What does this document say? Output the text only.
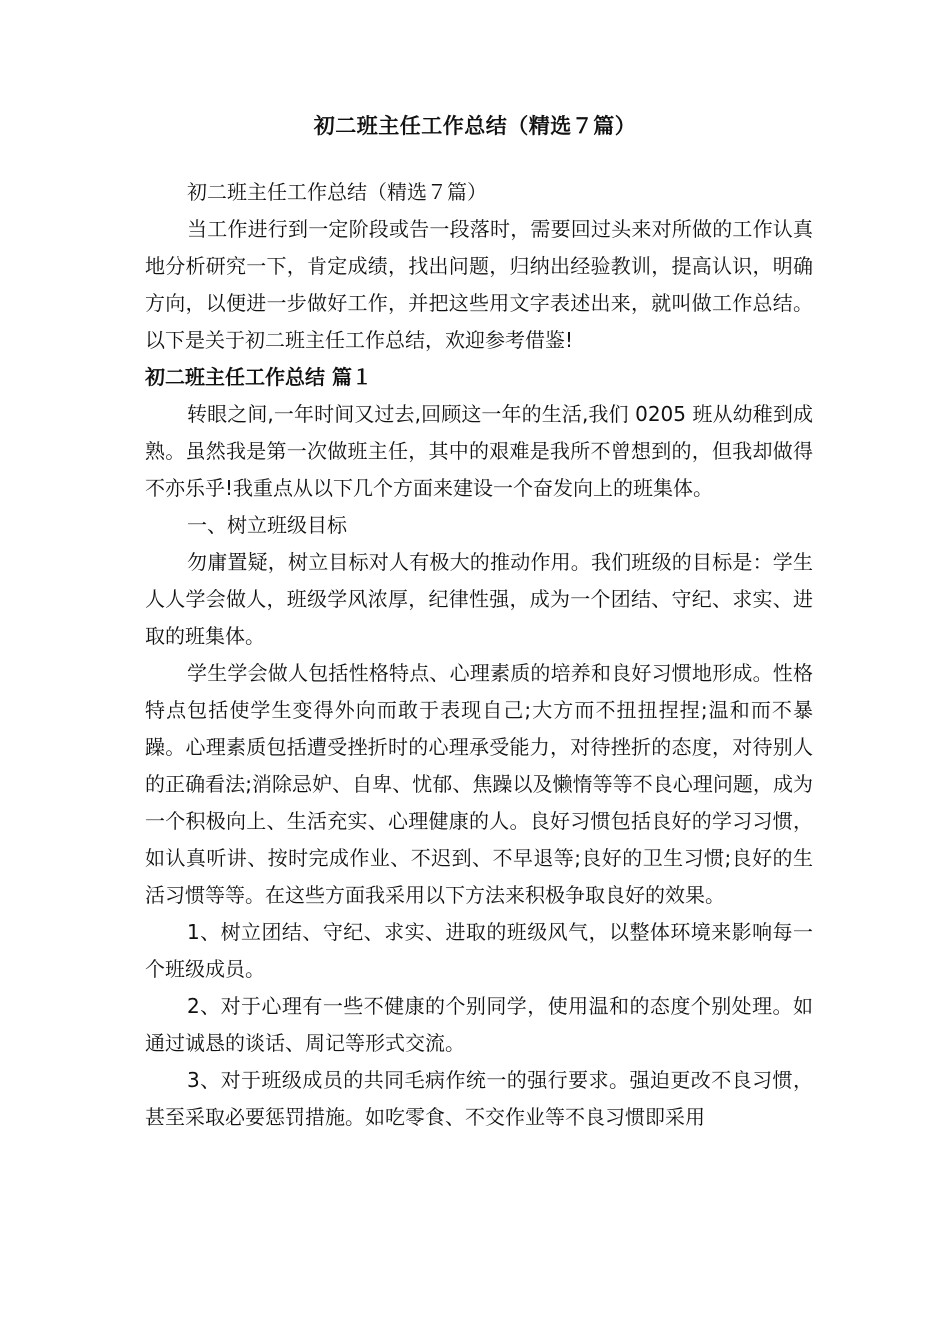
初二班主任工作总结（精选７篇）

初二班主任工作总结（精选７篇）

当工作进行到一定阶段或告一段落时，需要回过头来对所做的工作认真地分析研究一下，肯定成绩，找出问题，归纳出经验教训，提高认识，明确方向，以便进一步做好工作，并把这些用文字表述出来，就叫做工作总结。以下是关于初二班主任工作总结，欢迎参考借鉴!

初二班主任工作总结 篇１

转眼之间,一年时间又过去,回顾这一年的生活,我们 0205 班从幼稚到成熟。虽然我是第一次做班主任，其中的艰难是我所不曾想到的，但我却做得不亦乐乎!我重点从以下几个方面来建设一个奋发向上的班集体。

一、树立班级目标

勿庸置疑，树立目标对人有极大的推动作用。我们班级的目标是：学生人人学会做人，班级学风浓厚，纪律性强，成为一个团结、守纪、求实、进取的班集体。

学生学会做人包括性格特点、心理素质的培养和良好习惯地形成。性格特点包括使学生变得外向而敢于表现自己;大方而不扭扭捏捏;温和而不暴躁。心理素质包括遭受挫折时的心理承受能力，对待挫折的态度，对待别人的正确看法;消除忌妒、自卑、忧郁、焦躁以及懒惰等等不良心理问题，成为一个积极向上、生活充实、心理健康的人。良好习惯包括良好的学习习惯，如认真听讲、按时完成作业、不迟到、不早退等;良好的卫生习惯;良好的生活习惯等等。在这些方面我采用以下方法来积极争取良好的效果。

1、树立团结、守纪、求实、进取的班级风气，以整体环境来影响每一个班级成员。

2、对于心理有一些不健康的个别同学，使用温和的态度个别处理。如通过诚恳的谈话、周记等形式交流。

3、对于班级成员的共同毛病作统一的强行要求。强迫更改不良习惯，甚至采取必要惩罚措施。如吃零食、不交作业等不良习惯即采用
